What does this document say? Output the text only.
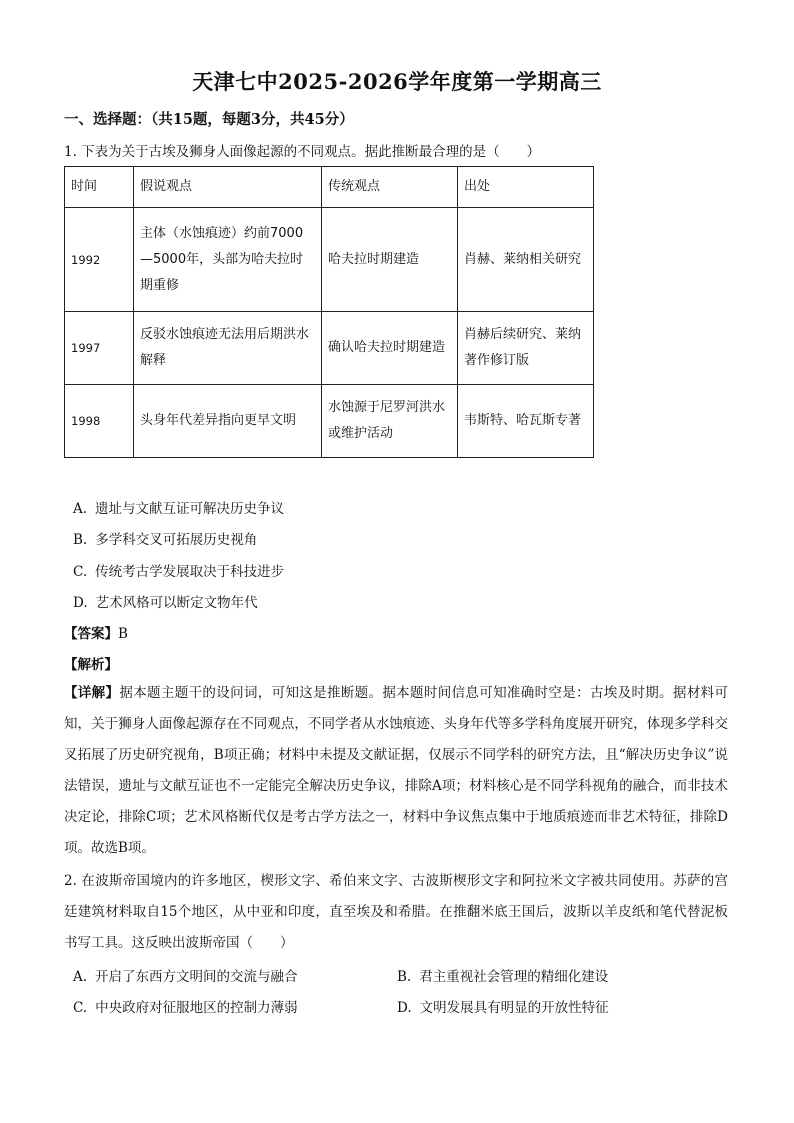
天津七中2025-2026学年度第一学期高三
一、选择题：（共15题，每题3分，共45分）
1. 下表为关于古埃及狮身人面像起源的不同观点。据此推断最合理的是（　　）
时间	假说观点	传统观点	出处
1992	主体（水蚀痕迹）约前7000—5000年，头部为哈夫拉时期重修	哈夫拉时期建造	肖赫、莱纳相关研究
1997	反驳水蚀痕迹无法用后期洪水解释	确认哈夫拉时期建造	肖赫后续研究、莱纳著作修订版
1998	头身年代差异指向更早文明	水蚀源于尼罗河洪水或维护活动	韦斯特、哈瓦斯专著
A. 遗址与文献互证可解决历史争议
B. 多学科交叉可拓展历史视角
C. 传统考古学发展取决于科技进步
D. 艺术风格可以断定文物年代
【答案】B
【解析】
【详解】据本题主题干的设问词，可知这是推断题。据本题时间信息可知准确时空是：古埃及时期。据材料可知，关于狮身人面像起源存在不同观点，不同学者从水蚀痕迹、头身年代等多学科角度展开研究，体现多学科交叉拓展了历史研究视角，B项正确；材料中未提及文献证据，仅展示不同学科的研究方法，且“解决历史争议”说法错误，遗址与文献互证也不一定能完全解决历史争议，排除A项；材料核心是不同学科视角的融合，而非技术决定论，排除C项；艺术风格断代仅是考古学方法之一，材料中争议焦点集中于地质痕迹而非艺术特征，排除D项。故选B项。
2. 在波斯帝国境内的许多地区，楔形文字、希伯来文字、古波斯楔形文字和阿拉米文字被共同使用。苏萨的宫廷建筑材料取自15个地区，从中亚和印度，直至埃及和希腊。在推翻米底王国后，波斯以羊皮纸和笔代替泥板书写工具。这反映出波斯帝国（　　）
A. 开启了东西方文明间的交流与融合	B. 君主重视社会管理的精细化建设
C. 中央政府对征服地区的控制力薄弱	D. 文明发展具有明显的开放性特征
